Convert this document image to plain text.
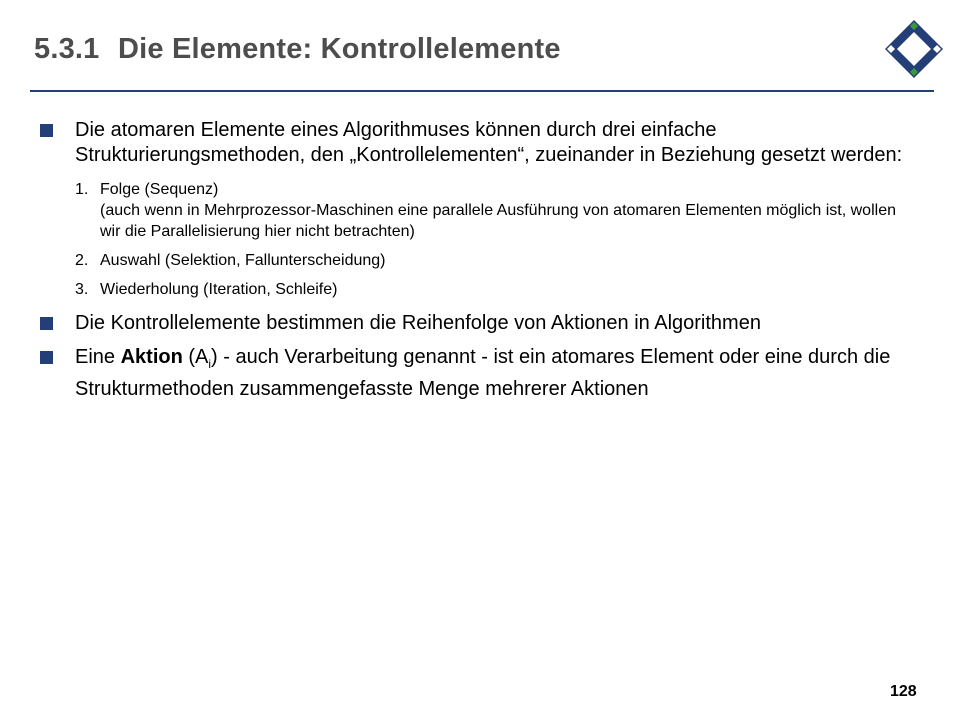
5.3.1 Die Elemente: Kontrollelemente
Die atomaren Elemente eines Algorithmuses können durch drei einfache Strukturierungsmethoden, den „Kontrollelementen“, zueinander in Beziehung gesetzt werden:
1. Folge (Sequenz)
(auch wenn in Mehrprozessor-Maschinen eine parallele Ausführung von atomaren Elementen möglich ist, wollen wir die Parallelisierung hier nicht betrachten)
2. Auswahl (Selektion, Fallunterscheidung)
3. Wiederholung (Iteration, Schleife)
Die Kontrollelemente bestimmen die Reihenfolge von Aktionen in Algorithmen
Eine Aktion $(A_i)$ - auch Verarbeitung genannt - ist ein atomares Element oder eine durch die Strukturmethoden zusammengefasste Menge mehrerer Aktionen
128
